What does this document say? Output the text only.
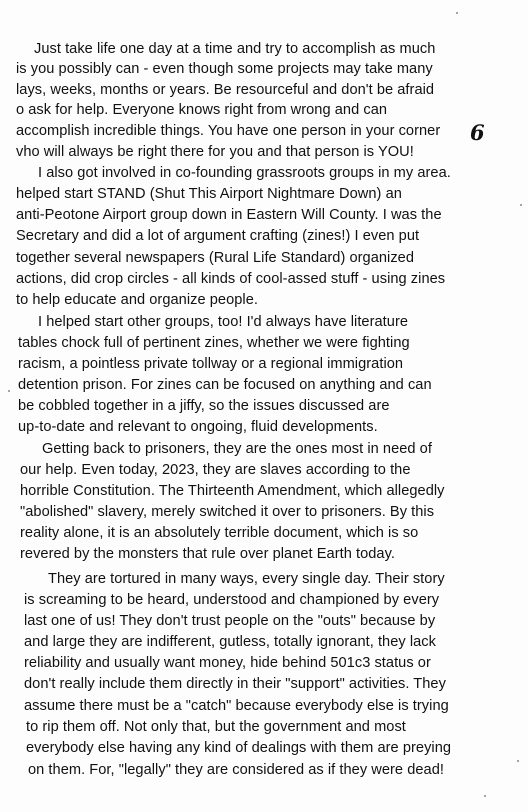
6
Just take life one day at a time and try to accomplish as much
is you possibly can - even though some projects may take many
lays, weeks, months or years. Be resourceful and don't be afraid
o ask for help. Everyone knows right from wrong and can
accomplish incredible things. You have one person in your corner
vho will always be right there for you and that person is YOU!
I also got involved in co-founding grassroots groups in my area.
helped start STAND (Shut This Airport Nightmare Down) an
anti-Peotone Airport group down in Eastern Will County. I was the
Secretary and did a lot of argument crafting (zines!) I even put
together several newspapers (Rural Life Standard) organized
actions, did crop circles - all kinds of cool-assed stuff - using zines
to help educate and organize people.
I helped start other groups, too! I'd always have literature
tables chock full of pertinent zines, whether we were fighting
racism, a pointless private tollway or a regional immigration
detention prison. For zines can be focused on anything and can
be cobbled together in a jiffy, so the issues discussed are
up-to-date and relevant to ongoing, fluid developments.
Getting back to prisoners, they are the ones most in need of
our help. Even today, 2023, they are slaves according to the
horrible Constitution. The Thirteenth Amendment, which allegedly
"abolished" slavery, merely switched it over to prisoners. By this
reality alone, it is an absolutely terrible document, which is so
revered by the monsters that rule over planet Earth today.
They are tortured in many ways, every single day. Their story
is screaming to be heard, understood and championed by every
last one of us! They don't trust people on the "outs" because by
and large they are indifferent, gutless, totally ignorant, they lack
reliability and usually want money, hide behind 501c3 status or
don't really include them directly in their "support" activities. They
assume there must be a "catch" because everybody else is trying
to rip them off. Not only that, but the government and most
everybody else having any kind of dealings with them are preying
on them. For, "legally" they are considered as if they were dead!
